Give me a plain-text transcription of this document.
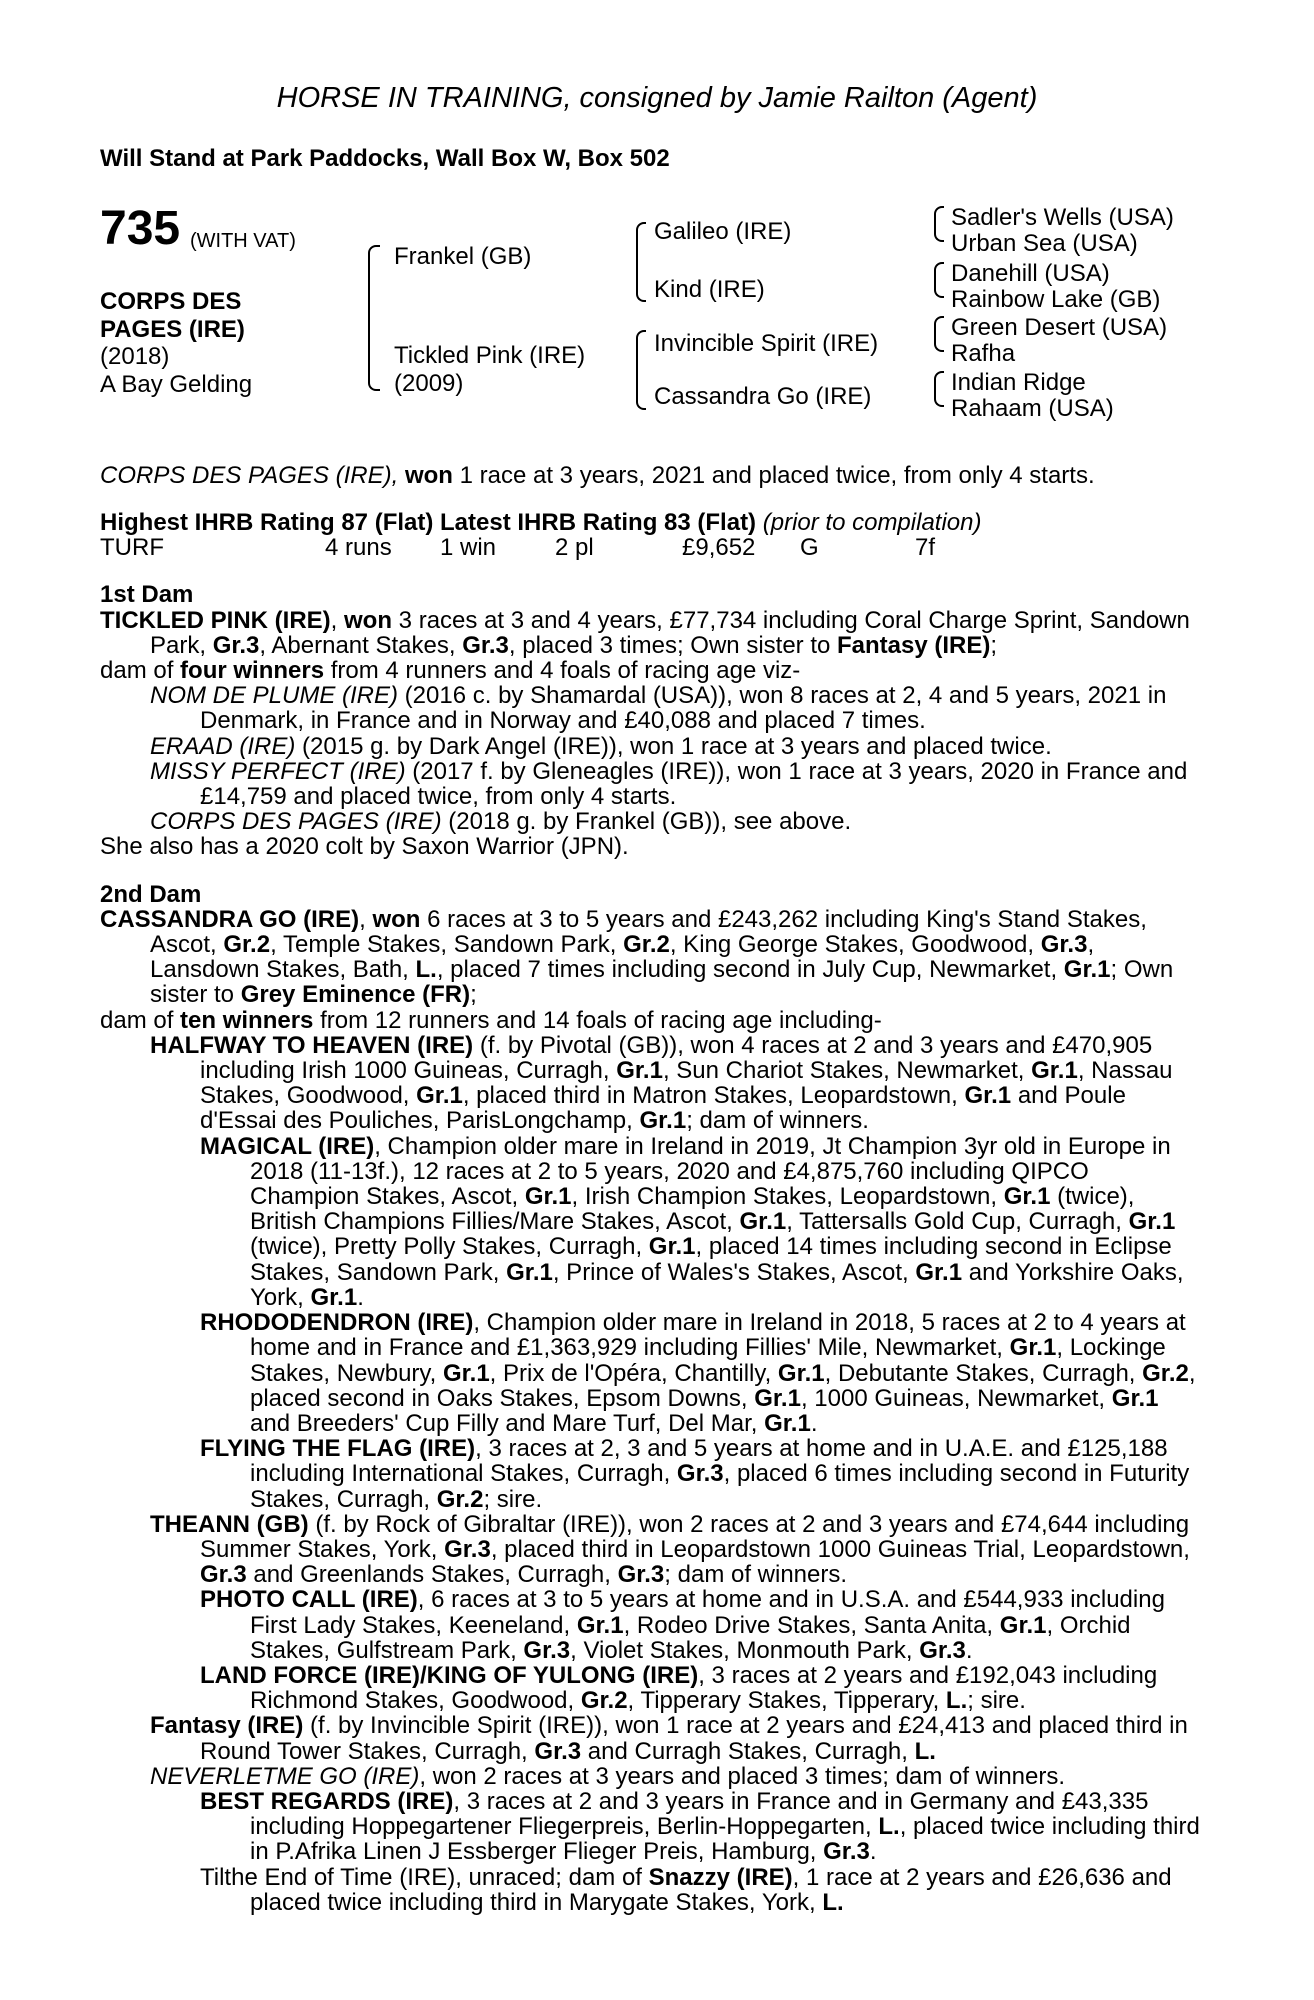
HORSE IN TRAINING, consigned by Jamie Railton (Agent)
Will Stand at Park Paddocks, Wall Box W, Box 502
735 (WITH VAT)
CORPS DES
PAGES (IRE)
(2018)
A Bay Gelding
Frankel (GB)
Tickled Pink (IRE)
(2009)
Galileo (IRE)
Kind (IRE)
Invincible Spirit (IRE)
Cassandra Go (IRE)
Sadler's Wells (USA)
Urban Sea (USA)
Danehill (USA)
Rainbow Lake (GB)
Green Desert (USA)
Rafha
Indian Ridge
Rahaam (USA)

CORPS DES PAGES (IRE), won 1 race at 3 years, 2021 and placed twice, from only 4 starts.

Highest IHRB Rating 87 (Flat) Latest IHRB Rating 83 (Flat) (prior to compilation)

TURF	4 runs 1 win 2 pl	£9,652 G	7f

1st Dam

TICKLED PINK (IRE), won 3 races at 3 and 4 years, £77,734 including Coral Charge Sprint, Sandown Park, Gr.3, Abernant Stakes, Gr.3, placed 3 times; Own sister to Fantasy (IRE);

dam of four winners from 4 runners and 4 foals of racing age viz-

NOM DE PLUME (IRE) (2016 c. by Shamardal (USA)), won 8 races at 2, 4 and 5 years, 2021 in Denmark, in France and in Norway and £40,088 and placed 7 times.

ERAAD (IRE) (2015 g. by Dark Angel (IRE)), won 1 race at 3 years and placed twice.

MISSY PERFECT (IRE) (2017 f. by Gleneagles (IRE)), won 1 race at 3 years, 2020 in France and £14,759 and placed twice, from only 4 starts.

CORPS DES PAGES (IRE) (2018 g. by Frankel (GB)), see above.

She also has a 2020 colt by Saxon Warrior (JPN).

2nd Dam

CASSANDRA GO (IRE), won 6 races at 3 to 5 years and £243,262 including King's Stand Stakes, Ascot, Gr.2, Temple Stakes, Sandown Park, Gr.2, King George Stakes, Goodwood, Gr.3, Lansdown Stakes, Bath, L., placed 7 times including second in July Cup, Newmarket, Gr.1; Own sister to Grey Eminence (FR);

dam of ten winners from 12 runners and 14 foals of racing age including-

HALFWAY TO HEAVEN (IRE) (f. by Pivotal (GB)), won 4 races at 2 and 3 years and £470,905 including Irish 1000 Guineas, Curragh, Gr.1, Sun Chariot Stakes, Newmarket, Gr.1, Nassau Stakes, Goodwood, Gr.1, placed third in Matron Stakes, Leopardstown, Gr.1 and Poule d'Essai des Pouliches, ParisLongchamp, Gr.1; dam of winners.

MAGICAL (IRE), Champion older mare in Ireland in 2019, Jt Champion 3yr old in Europe in 2018 (11-13f.), 12 races at 2 to 5 years, 2020 and £4,875,760 including QIPCO Champion Stakes, Ascot, Gr.1, Irish Champion Stakes, Leopardstown, Gr.1 (twice), British Champions Fillies/Mare Stakes, Ascot, Gr.1, Tattersalls Gold Cup, Curragh, Gr.1 (twice), Pretty Polly Stakes, Curragh, Gr.1, placed 14 times including second in Eclipse Stakes, Sandown Park, Gr.1, Prince of Wales's Stakes, Ascot, Gr.1 and Yorkshire Oaks, York, Gr.1.

RHODODENDRON (IRE), Champion older mare in Ireland in 2018, 5 races at 2 to 4 years at home and in France and £1,363,929 including Fillies' Mile, Newmarket, Gr.1, Lockinge Stakes, Newbury, Gr.1, Prix de l'Opéra, Chantilly, Gr.1, Debutante Stakes, Curragh, Gr.2, placed second in Oaks Stakes, Epsom Downs, Gr.1, 1000 Guineas, Newmarket, Gr.1 and Breeders' Cup Filly and Mare Turf, Del Mar, Gr.1.

FLYING THE FLAG (IRE), 3 races at 2, 3 and 5 years at home and in U.A.E. and £125,188 including International Stakes, Curragh, Gr.3, placed 6 times including second in Futurity Stakes, Curragh, Gr.2; sire.

THEANN (GB) (f. by Rock of Gibraltar (IRE)), won 2 races at 2 and 3 years and £74,644 including Summer Stakes, York, Gr.3, placed third in Leopardstown 1000 Guineas Trial, Leopardstown, Gr.3 and Greenlands Stakes, Curragh, Gr.3; dam of winners.

PHOTO CALL (IRE), 6 races at 3 to 5 years at home and in U.S.A. and £544,933 including First Lady Stakes, Keeneland, Gr.1, Rodeo Drive Stakes, Santa Anita, Gr.1, Orchid Stakes, Gulfstream Park, Gr.3, Violet Stakes, Monmouth Park, Gr.3.

LAND FORCE (IRE)/KING OF YULONG (IRE), 3 races at 2 years and £192,043 including Richmond Stakes, Goodwood, Gr.2, Tipperary Stakes, Tipperary, L.; sire.

Fantasy (IRE) (f. by Invincible Spirit (IRE)), won 1 race at 2 years and £24,413 and placed third in Round Tower Stakes, Curragh, Gr.3 and Curragh Stakes, Curragh, L.

NEVERLETME GO (IRE), won 2 races at 3 years and placed 3 times; dam of winners.

BEST REGARDS (IRE), 3 races at 2 and 3 years in France and in Germany and £43,335 including Hoppegartener Fliegerpreis, Berlin-Hoppegarten, L., placed twice including third in P.Afrika Linen J Essberger Flieger Preis, Hamburg, Gr.3.

Tilthe End of Time (IRE), unraced; dam of Snazzy (IRE), 1 race at 2 years and £26,636 and placed twice including third in Marygate Stakes, York, L.
